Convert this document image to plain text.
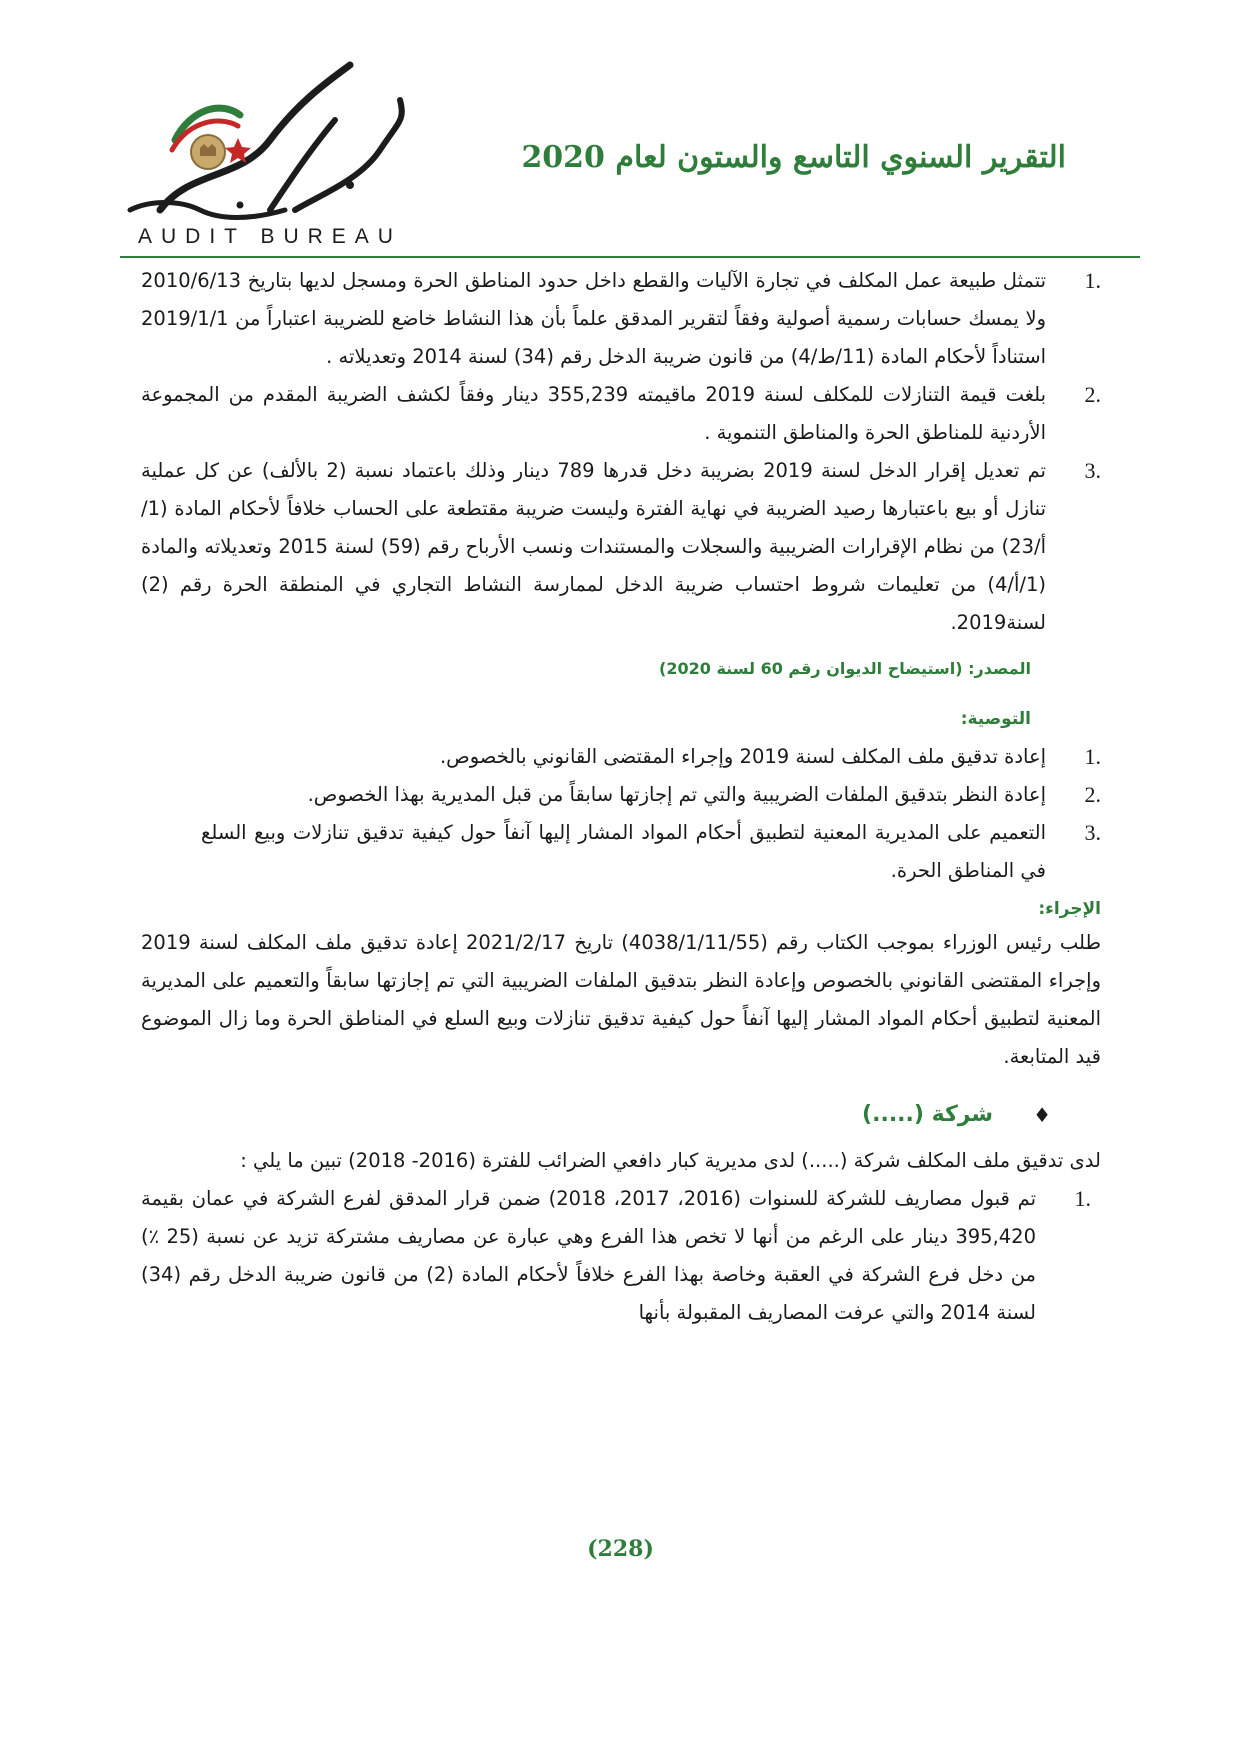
AUDIT BUREAU
التقرير السنوي التاسع والستون لعام 2020
.1
تتمثل طبيعة عمل المكلف في تجارة الآليات والقطع داخل حدود المناطق الحرة ومسجل لديها بتاريخ 2010/6/13 ولا يمسك حسابات رسمية أصولية وفقاً لتقرير المدقق علماً بأن هذا النشاط خاضع للضريبة اعتباراً من 2019/1/1 استناداً لأحكام المادة (11/ط/4) من قانون ضريبة الدخل رقم (34) لسنة 2014 وتعديلاته .
.2
بلغت قيمة التنازلات للمكلف لسنة 2019 ماقيمته 355,239 دينار وفقاً لكشف الضريبة المقدم من المجموعة الأردنية للمناطق الحرة والمناطق التنموية .
.3
تم تعديل إقرار الدخل لسنة 2019 بضريبة دخل قدرها 789 دينار وذلك باعتماد نسبة (2 بالألف) عن كل عملية تنازل أو بيع باعتبارها رصيد الضريبة في نهاية الفترة وليست ضريبة مقتطعة على الحساب خلافاً لأحكام المادة (1/أ/23) من نظام الإقرارات الضريبية والسجلات والمستندات ونسب الأرباح رقم (59) لسنة 2015 وتعديلاته والمادة (1/أ/4) من تعليمات شروط احتساب ضريبة الدخل لممارسة النشاط التجاري في المنطقة الحرة رقم (2) لسنة2019.
المصدر: (استيضاح الديوان رقم 60 لسنة 2020)
التوصية:
.1
إعادة تدقيق ملف المكلف لسنة 2019 وإجراء المقتضى القانوني بالخصوص.
.2
إعادة النظر بتدقيق الملفات الضريبية والتي تم إجازتها سابقاً من قبل المديرية بهذا الخصوص.
.3
التعميم على المديرية المعنية لتطبيق أحكام المواد المشار إليها آنفاً حول كيفية تدقيق تنازلات وبيع السلع في المناطق الحرة.
الإجراء:

طلب رئيس الوزراء بموجب الكتاب رقم (4038/1/11/55) تاريخ 2021/2/17 إعادة تدقيق ملف المكلف لسنة 2019 وإجراء المقتضى القانوني بالخصوص وإعادة النظر بتدقيق الملفات الضريبية التي تم إجازتها سابقاً والتعميم على المديرية المعنية لتطبيق أحكام المواد المشار إليها آنفاً حول كيفية تدقيق تنازلات وبيع السلع في المناطق الحرة وما زال الموضوع قيد المتابعة.

♦
شركة (.....)

لدى تدقيق ملف المكلف شركة (.....) لدى مديرية كبار دافعي الضرائب للفترة (2016- 2018) تبين ما يلي :

.1
تم قبول مصاريف للشركة للسنوات (2016، 2017، 2018) ضمن قرار المدقق لفرع الشركة في عمان بقيمة 395,420 دينار على الرغم من أنها لا تخص هذا الفرع وهي عبارة عن مصاريف مشتركة تزيد عن نسبة (25 ٪) من دخل فرع الشركة في العقبة وخاصة بهذا الفرع خلافاً لأحكام المادة (2) من قانون ضريبة الدخل رقم (34) لسنة 2014 والتي عرفت المصاريف المقبولة بأنها
(228)
